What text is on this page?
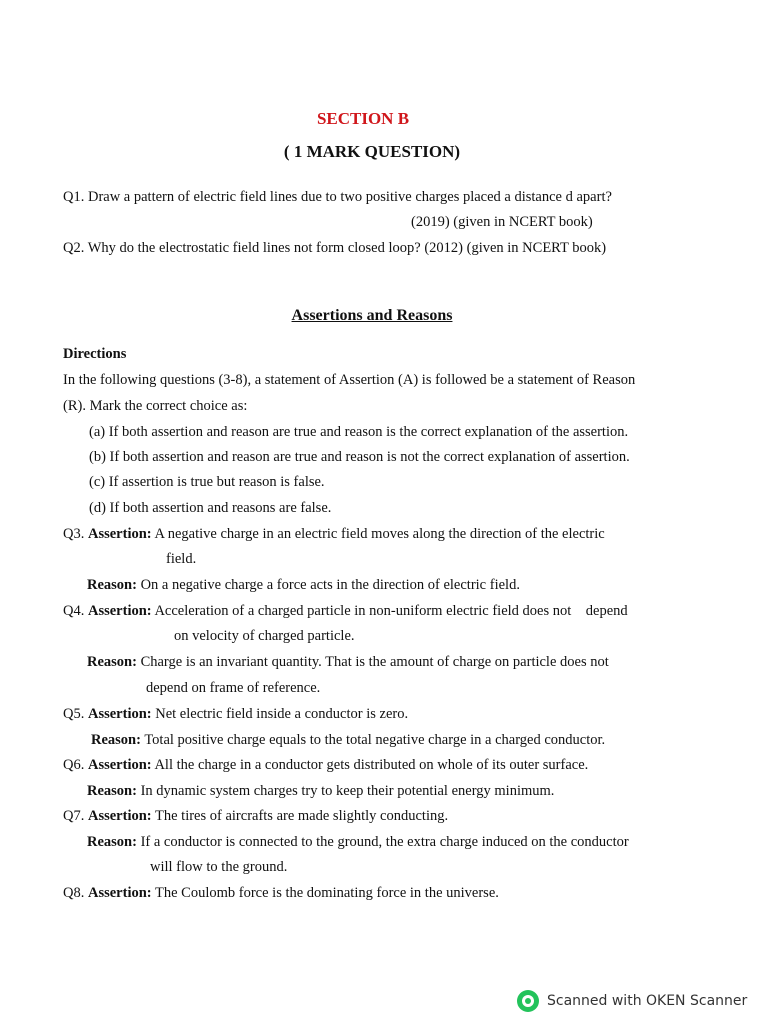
SECTION B
( 1 MARK QUESTION)
Q1. Draw a pattern of electric field lines due to two positive charges placed a distance d apart?
(2019) (given in NCERT book)
Q2. Why do the electrostatic field lines not form closed loop? (2012) (given in NCERT book)
Assertions and Reasons
Directions
In the following questions (3-8), a statement of Assertion (A) is followed be a statement of Reason
(R). Mark the correct choice as:
(a) If both assertion and reason are true and reason is the correct explanation of the assertion.
(b) If both assertion and reason are true and reason is not the correct explanation of assertion.
(c) If assertion is true but reason is false.
(d) If both assertion and reasons are false.
Q3. Assertion: A negative charge in an electric field moves along the direction of the electric
field.
Reason: On a negative charge a force acts in the direction of electric field.
Q4. Assertion: Acceleration of a charged particle in non-uniform electric field does not    depend
on velocity of charged particle.
Reason: Charge is an invariant quantity. That is the amount of charge on particle does not
depend on frame of reference.
Q5. Assertion: Net electric field inside a conductor is zero.
Reason: Total positive charge equals to the total negative charge in a charged conductor.
Q6. Assertion: All the charge in a conductor gets distributed on whole of its outer surface.
Reason: In dynamic system charges try to keep their potential energy minimum.
Q7. Assertion: The tires of aircrafts are made slightly conducting.
Reason: If a conductor is connected to the ground, the extra charge induced on the conductor
will flow to the ground.
Q8. Assertion: The Coulomb force is the dominating force in the universe.
Scanned with OKEN Scanner
